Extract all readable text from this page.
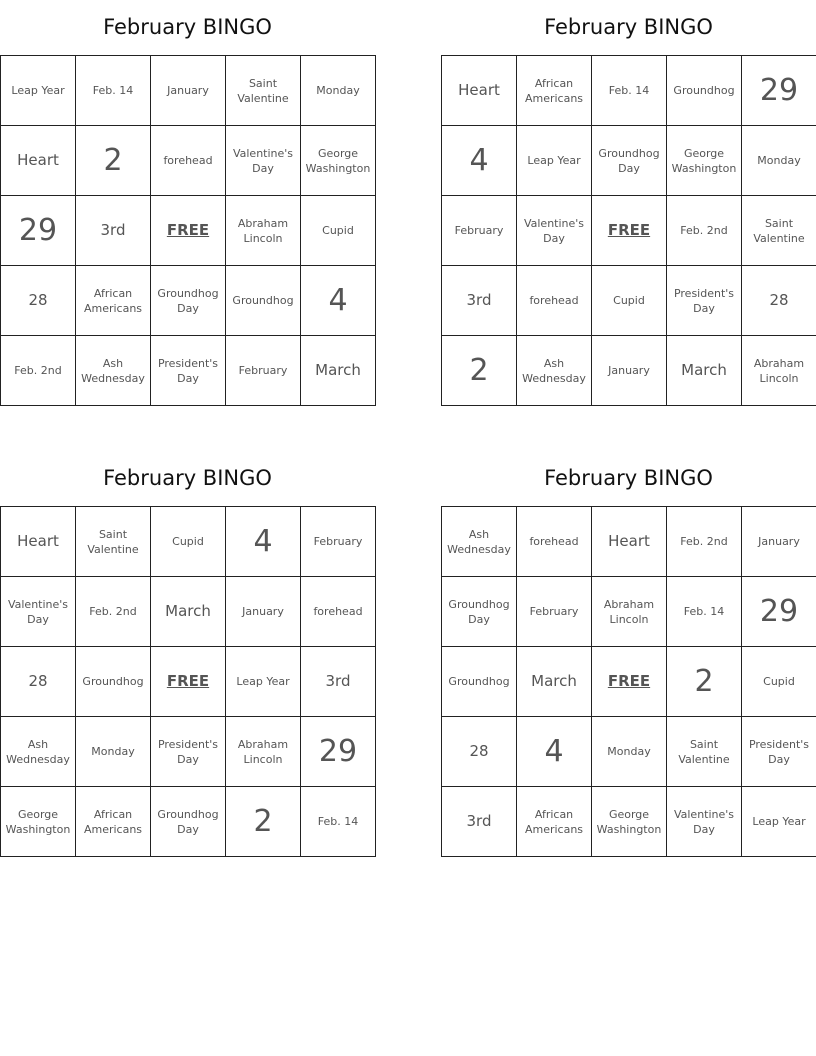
February BINGO
Leap Year	Feb. 14	January	Saint Valentine	Monday
Heart	2	forehead	Valentine's Day	George Washington
29	3rd	FREE	Abraham Lincoln	Cupid
28	African Americans	Groundhog Day	Groundhog	4
Feb. 2nd	Ash Wednesday	President's Day	February	March
February BINGO
Heart	African Americans	Feb. 14	Groundhog	29
4	Leap Year	Groundhog Day	George Washington	Monday
February	Valentine's Day	FREE	Feb. 2nd	Saint Valentine
3rd	forehead	Cupid	President's Day	28
2	Ash Wednesday	January	March	Abraham Lincoln
February BINGO
Heart	Saint Valentine	Cupid	4	February
Valentine's Day	Feb. 2nd	March	January	forehead
28	Groundhog	FREE	Leap Year	3rd
Ash Wednesday	Monday	President's Day	Abraham Lincoln	29
George Washington	African Americans	Groundhog Day	2	Feb. 14
February BINGO
Ash Wednesday	forehead	Heart	Feb. 2nd	January
Groundhog Day	February	Abraham Lincoln	Feb. 14	29
Groundhog	March	FREE	2	Cupid
28	4	Monday	Saint Valentine	President's Day
3rd	African Americans	George Washington	Valentine's Day	Leap Year
